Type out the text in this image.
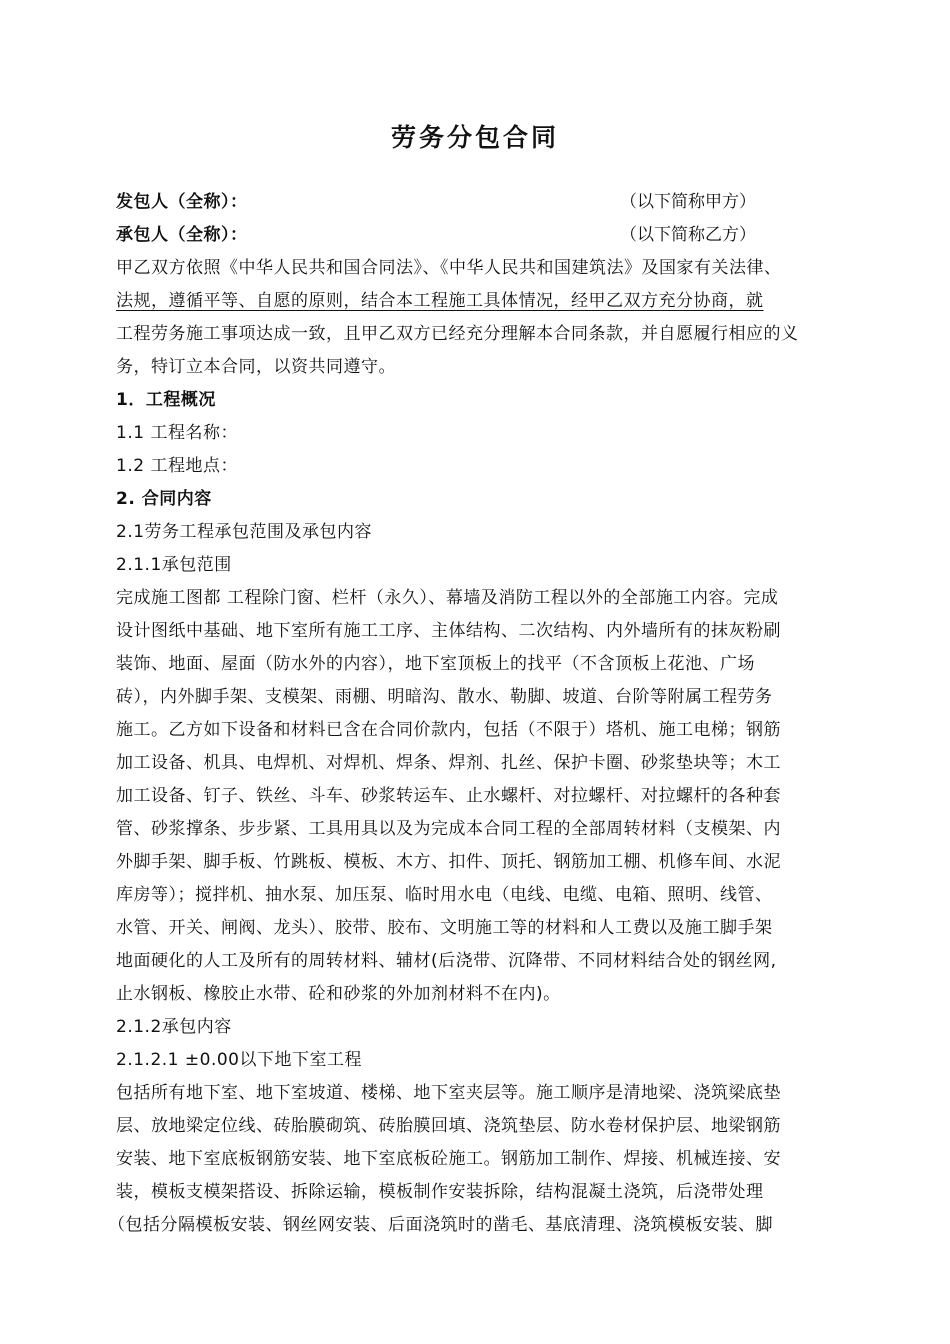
劳务分包合同
发包人（全称）：	（以下简称甲方）
承包人（全称）：	（以下简称乙方）
甲乙双方依照《中华人民共和国合同法》、《中华人民共和国建筑法》及国家有关法律、
法规，遵循平等、自愿的原则，结合本工程施工具体情况，经甲乙双方充分协商，就
工程劳务施工事项达成一致，且甲乙双方已经充分理解本合同条款，并自愿履行相应的义
务，特订立本合同，以资共同遵守。
1．工程概况
1.1 工程名称：
1.2 工程地点：
2. 合同内容
2.1劳务工程承包范围及承包内容
2.1.1承包范围
完成施工图都 工程除门窗、栏杆（永久）、幕墙及消防工程以外的全部施工内容。完成
设计图纸中基础、地下室所有施工工序、主体结构、二次结构、内外墙所有的抹灰粉刷
装饰、地面、屋面（防水外的内容），地下室顶板上的找平（不含顶板上花池、广场
砖），内外脚手架、支模架、雨棚、明暗沟、散水、勒脚、坡道、台阶等附属工程劳务
施工。乙方如下设备和材料已含在合同价款内，包括（不限于）塔机、施工电梯；钢筋
加工设备、机具、电焊机、对焊机、焊条、焊剂、扎丝、保护卡圈、砂浆垫块等；木工
加工设备、钉子、铁丝、斗车、砂浆转运车、止水螺杆、对拉螺杆、对拉螺杆的各种套
管、砂浆撑条、步步紧、工具用具以及为完成本合同工程的全部周转材料（支模架、内
外脚手架、脚手板、竹跳板、模板、木方、扣件、顶托、钢筋加工棚、机修车间、水泥
库房等）；搅拌机、抽水泵、加压泵、临时用水电（电线、电缆、电箱、照明、线管、
水管、开关、闸阀、龙头）、胶带、胶布、文明施工等的材料和人工费以及施工脚手架
地面硬化的人工及所有的周转材料、辅材(后浇带、沉降带、不同材料结合处的钢丝网,
止水钢板、橡胶止水带、砼和砂浆的外加剂材料不在内)。
2.1.2承包内容
2.1.2.1 ±0.00以下地下室工程
包括所有地下室、地下室坡道、楼梯、地下室夹层等。施工顺序是清地梁、浇筑梁底垫
层、放地梁定位线、砖胎膜砌筑、砖胎膜回填、浇筑垫层、防水卷材保护层、地梁钢筋
安装、地下室底板钢筋安装、地下室底板砼施工。钢筋加工制作、焊接、机械连接、安
装，模板支模架搭设、拆除运输，模板制作安装拆除，结构混凝土浇筑，后浇带处理
（包括分隔模板安装、钢丝网安装、后面浇筑时的凿毛、基底清理、浇筑模板安装、脚
